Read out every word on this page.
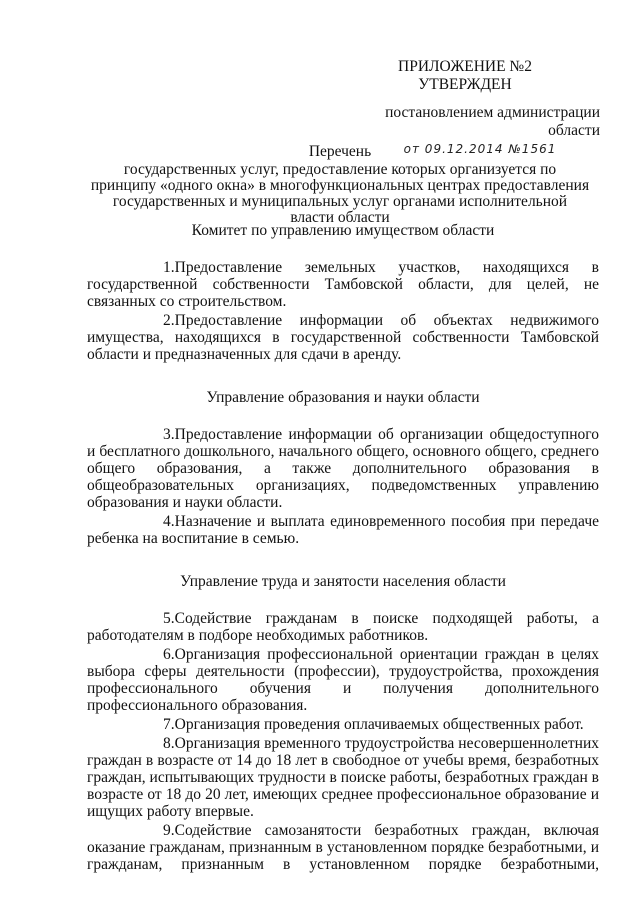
ПРИЛОЖЕНИЕ №2
УТВЕРЖДЕН
постановлением администрации области
от 09.12.2014 №1561
Перечень
государственных услуг, предоставление которых организуется по принципу «одного окна» в многофункциональных центрах предоставления государственных и муниципальных услуг органами исполнительной власти области
Комитет по управлению имуществом области

1.Предоставление земельных участков, находящихся в государственной собственности Тамбовской области, для целей, не связанных со строительством.

2.Предоставление информации об объектах недвижимого имущества, находящихся в государственной собственности Тамбовской области и предназначенных для сдачи в аренду.

Управление образования и науки области

3.Предоставление информации об организации общедоступного и бесплатного дошкольного, начального общего, основного общего, среднего общего образования, а также дополнительного образования в общеобразовательных организациях, подведомственных управлению образования и науки области.

4.Назначение и выплата единовременного пособия при передаче ребенка на воспитание в семью.

Управление труда и занятости населения области

5.Содействие гражданам в поиске подходящей работы, а работодателям в подборе необходимых работников.

6.Организация профессиональной ориентации граждан в целях выбора сферы деятельности (профессии), трудоустройства, прохождения профессионального обучения и получения дополнительного профессионального образования.

7.Организация проведения оплачиваемых общественных работ.

8.Организация временного трудоустройства несовершеннолетних граждан в возрасте от 14 до 18 лет в свободное от учебы время, безработных граждан, испытывающих трудности в поиске работы, безработных граждан в возрасте от 18 до 20 лет, имеющих среднее профессиональное образование и ищущих работу впервые.

9.Содействие самозанятости безработных граждан, включая оказание гражданам, признанным в установленном порядке безработными, и гражданам, признанным в установленном порядке безработными,
